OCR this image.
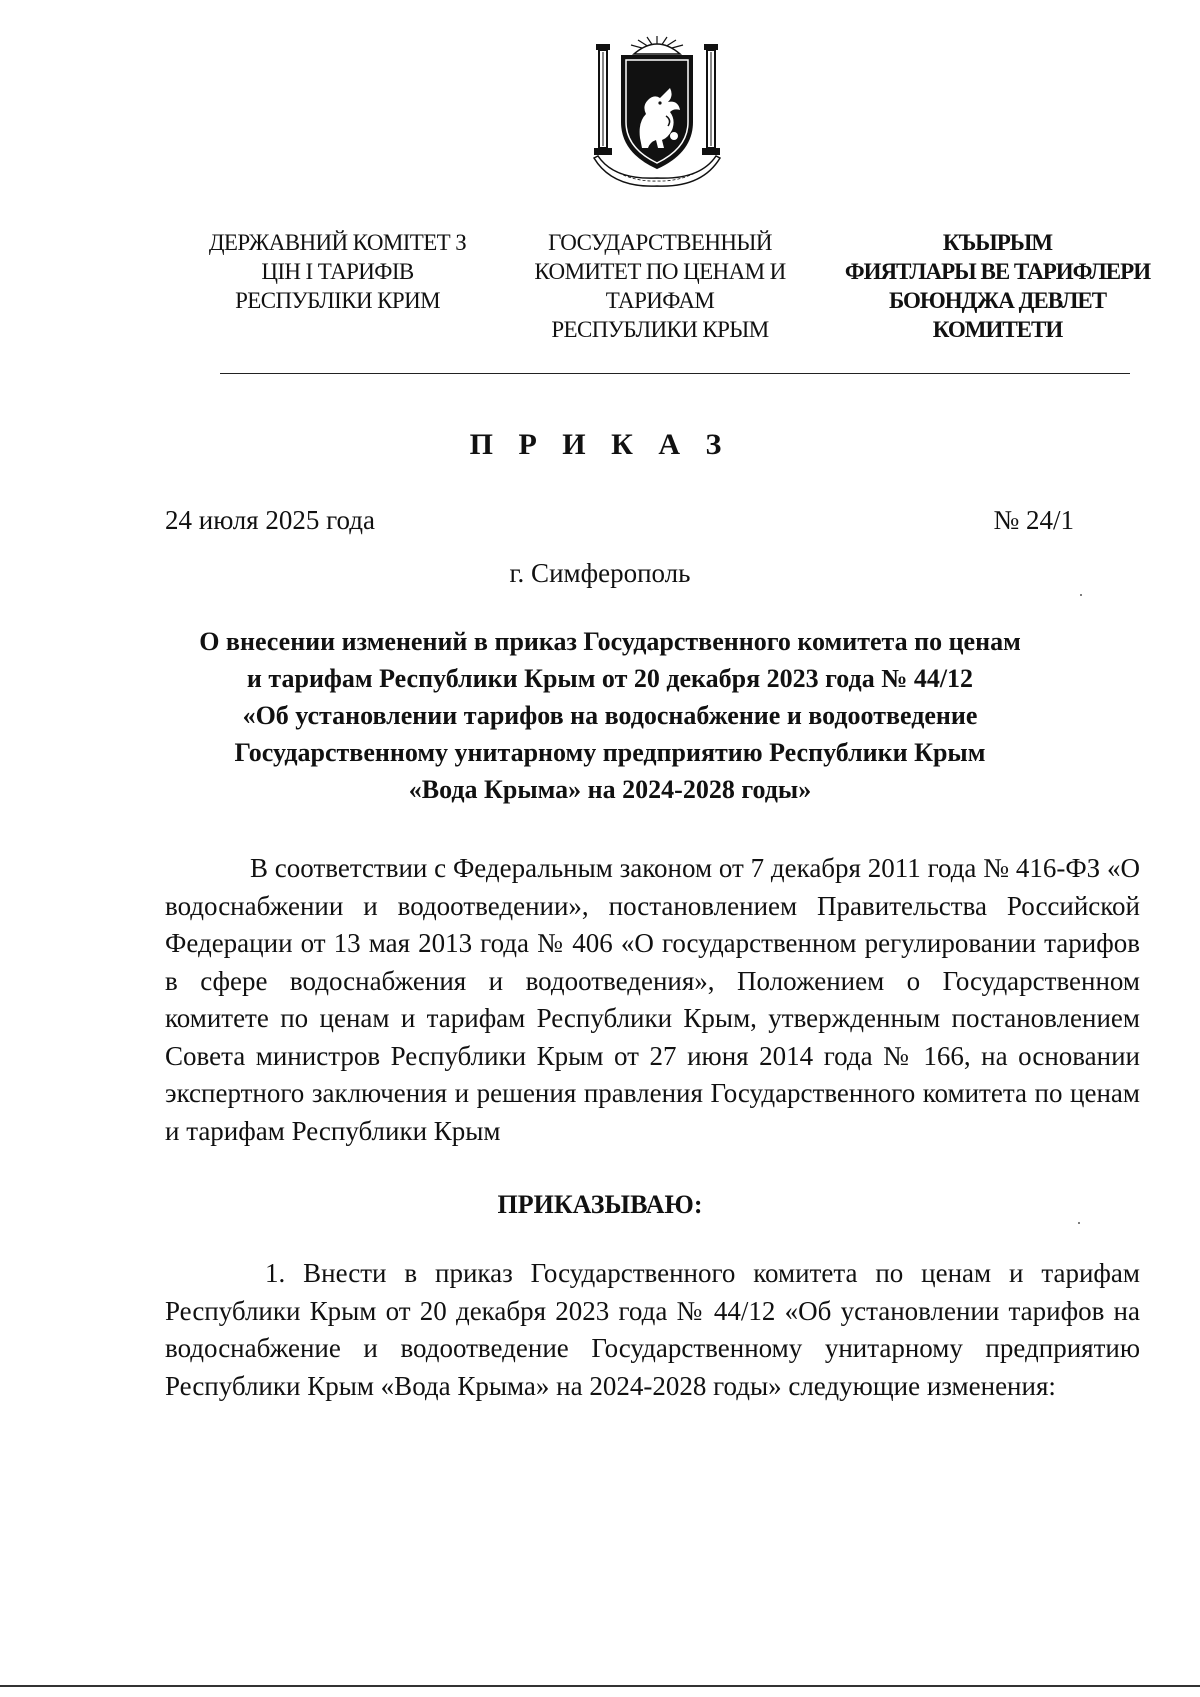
ДЕРЖАВНИЙ КОМІТЕТ З
ЦІН І ТАРИФІВ
РЕСПУБЛІКИ КРИМ
ГОСУДАРСТВЕННЫЙ
КОМИТЕТ ПО ЦЕНАМ И
ТАРИФАМ
РЕСПУБЛИКИ КРЫМ
КЪЫРЫМ
ФИЯТЛАРЫ ВЕ ТАРИФЛЕРИ
БОЮНДЖА ДЕВЛЕТ
КОМИТЕТИ
П Р И К А З
24 июля 2025 года	№ 24/1
г. Симферополь
О внесении изменений в приказ Государственного комитета по ценам
и тарифам Республики Крым от 20 декабря 2023 года № 44/12
«Об установлении тарифов на водоснабжение и водоотведение
Государственному унитарному предприятию Республики Крым
«Вода Крыма» на 2024-2028 годы»

В соответствии с Федеральным законом от 7 декабря 2011 года № 416-ФЗ «О водоснабжении и водоотведении», постановлением Правительства Российской Федерации от 13 мая 2013 года № 406 «О государственном регулировании тарифов в сфере водоснабжения и водоотведения», Положением о Государственном комитете по ценам и тарифам Республики Крым, утвержденным постановлением Совета министров Республики Крым от 27 июня 2014 года № 166, на основании экспертного заключения и решения правления Государственного комитета по ценам и тарифам Республики Крым

ПРИКАЗЫВАЮ:

1. Внести в приказ Государственного комитета по ценам и тарифам Республики Крым от 20 декабря 2023 года № 44/12 «Об установлении тарифов на водоснабжение и водоотведение Государственному унитарному предприятию Республики Крым «Вода Крыма» на 2024-2028 годы» следующие изменения:
